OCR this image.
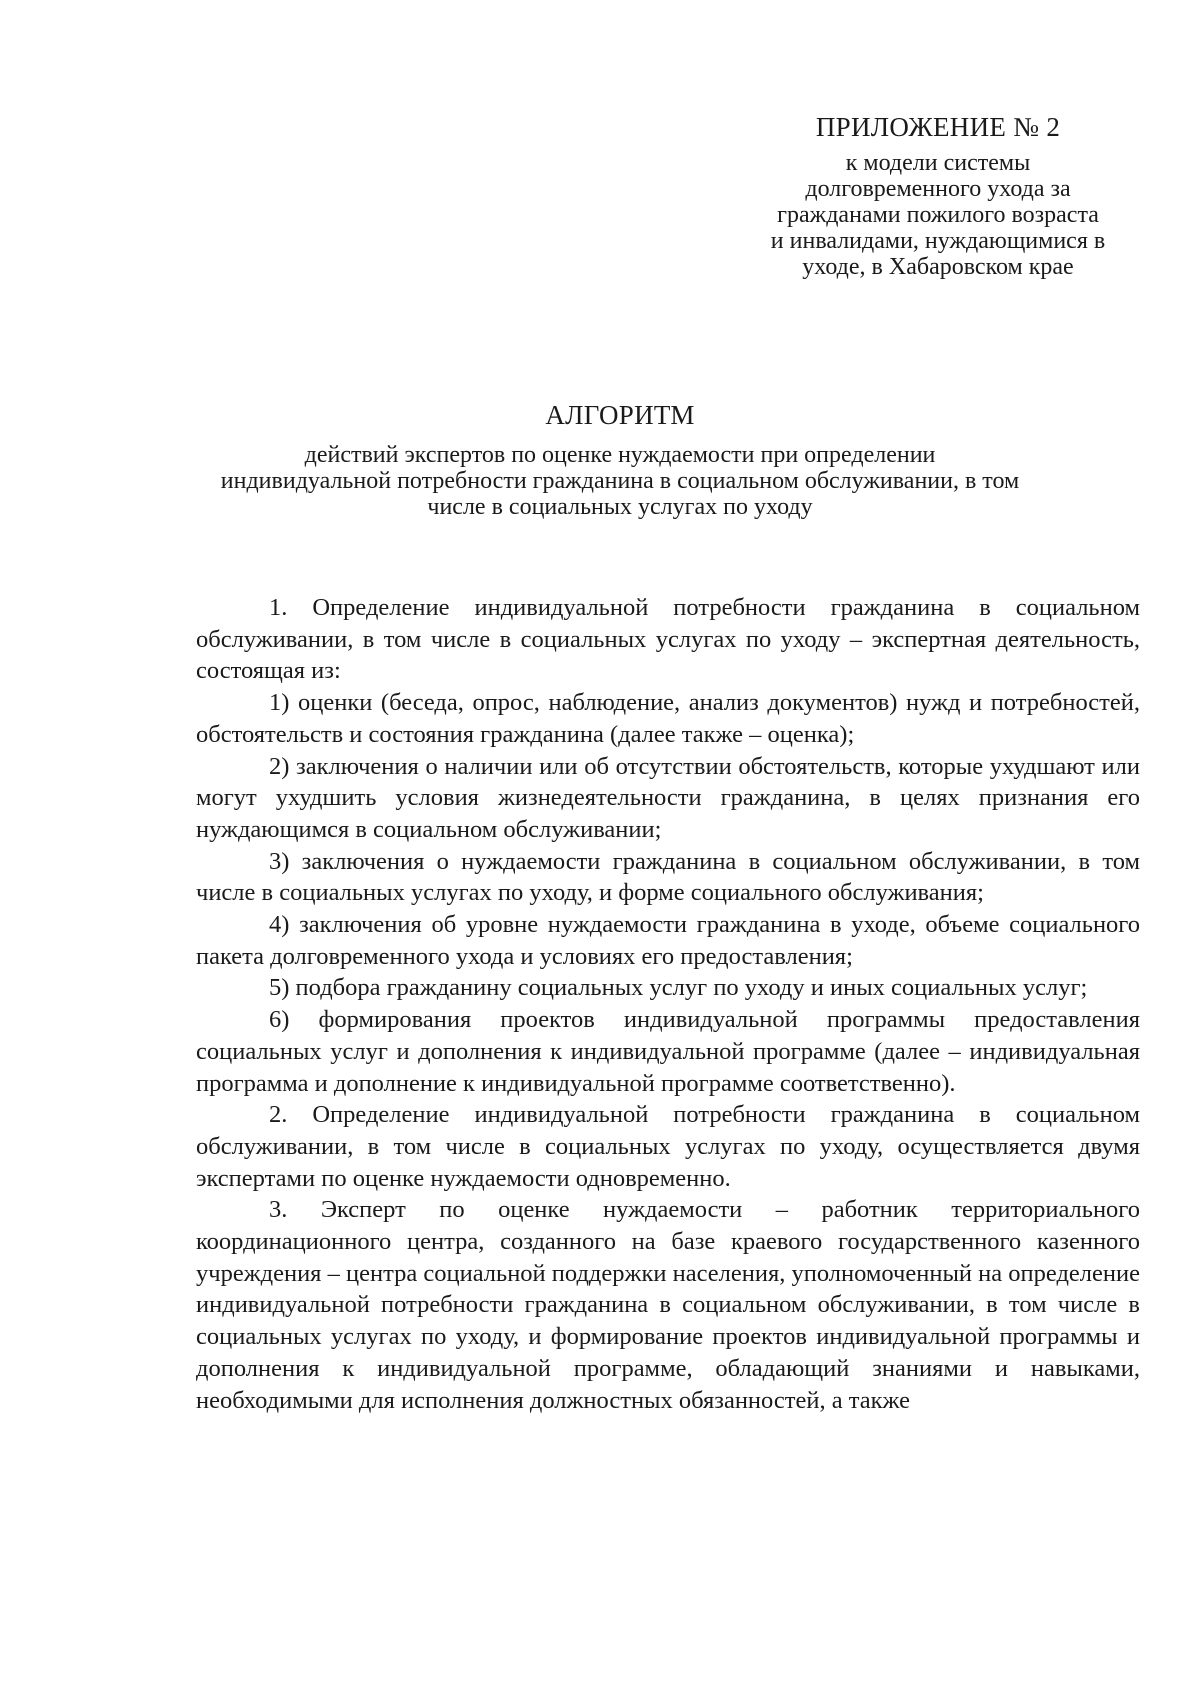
ПРИЛОЖЕНИЕ № 2
к модели системы
долговременного ухода за
гражданами пожилого возраста
и инвалидами, нуждающимися в
уходе, в Хабаровском крае
АЛГОРИТМ
действий экспертов по оценке нуждаемости при определении
индивидуальной потребности гражданина в социальном обслуживании, в том
числе в социальных услугах по уходу

1. Определение индивидуальной потребности гражданина в социальном обслуживании, в том числе в социальных услугах по уходу – экспертная деятельность, состоящая из:

1) оценки (беседа, опрос, наблюдение, анализ документов) нужд и потребностей, обстоятельств и состояния гражданина (далее также – оценка);

2) заключения о наличии или об отсутствии обстоятельств, которые ухудшают или могут ухудшить условия жизнедеятельности гражданина, в целях признания его нуждающимся в социальном обслуживании;

3) заключения о нуждаемости гражданина в социальном обслуживании, в том числе в социальных услугах по уходу, и форме социального обслуживания;

4) заключения об уровне нуждаемости гражданина в уходе, объеме социального пакета долговременного ухода и условиях его предоставления;

5) подбора гражданину социальных услуг по уходу и иных социальных услуг;

6) формирования проектов индивидуальной программы предоставления социальных услуг и дополнения к индивидуальной программе (далее – индивидуальная программа и дополнение к индивидуальной программе соответственно).

2. Определение индивидуальной потребности гражданина в социальном обслуживании, в том числе в социальных услугах по уходу, осуществляется двумя экспертами по оценке нуждаемости одновременно.

3. Эксперт по оценке нуждаемости – работник территориального координационного центра, созданного на базе краевого государственного казенного учреждения – центра социальной поддержки населения, уполномоченный на определение индивидуальной потребности гражданина в социальном обслуживании, в том числе в социальных услугах по уходу, и формирование проектов индивидуальной программы и дополнения к индивидуальной программе, обладающий знаниями и навыками, необходимыми для исполнения должностных обязанностей, а также
